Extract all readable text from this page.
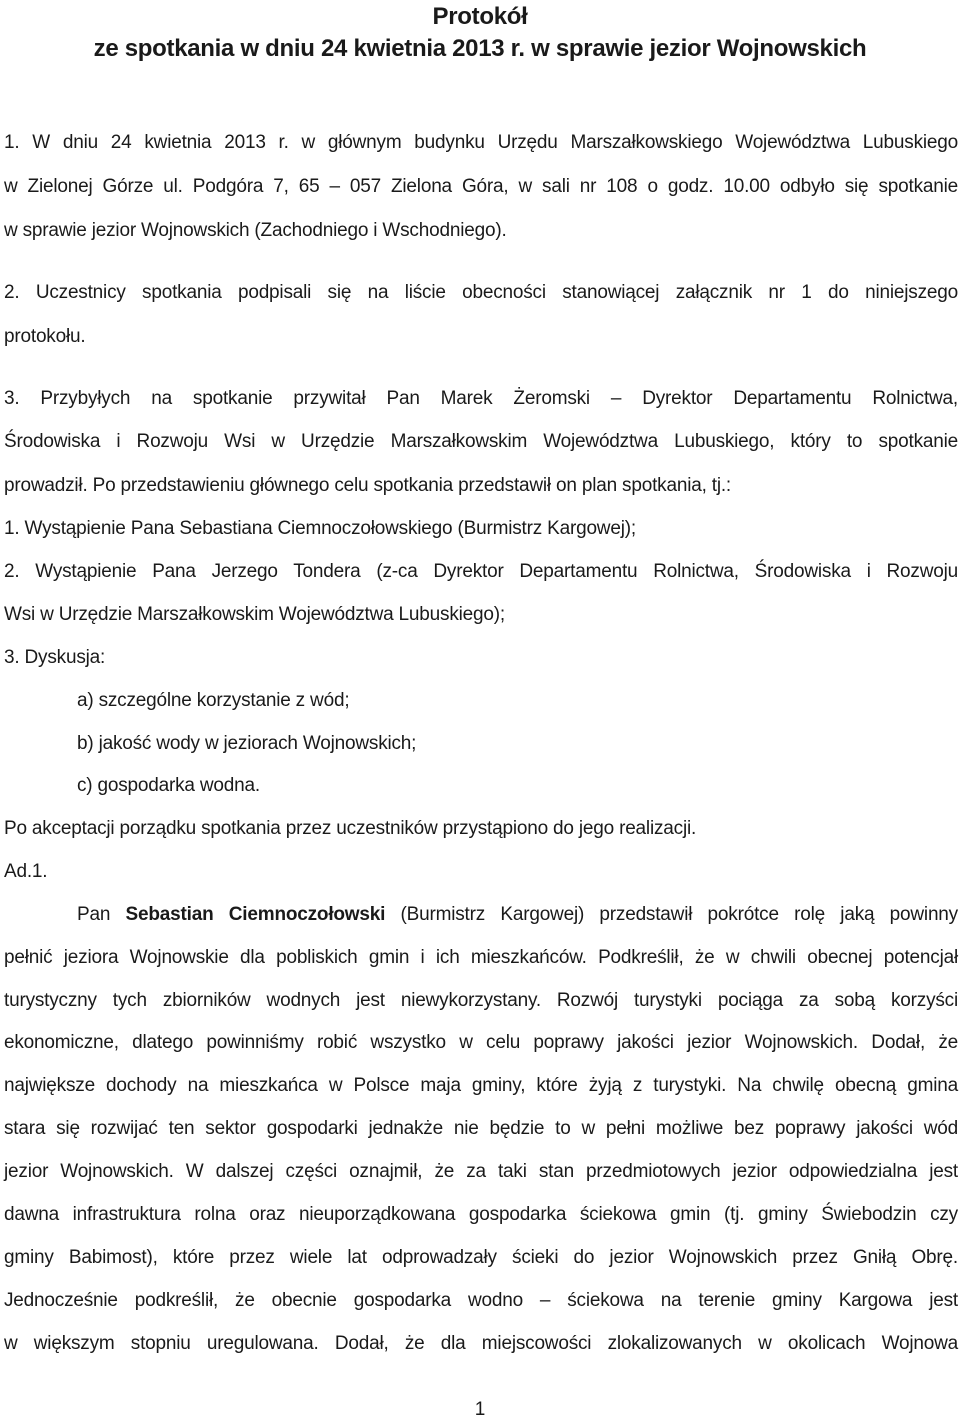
Protokół
ze spotkania w dniu 24 kwietnia 2013 r. w sprawie jezior Wojnowskich
1. W dniu 24 kwietnia 2013 r. w głównym budynku Urzędu Marszałkowskiego Województwa Lubuskiego
w Zielonej Górze ul. Podgóra 7, 65 – 057 Zielona Góra, w sali nr 108 o godz. 10.00 odbyło się spotkanie
w sprawie jezior Wojnowskich (Zachodniego i Wschodniego).
2. Uczestnicy spotkania podpisali się na liście obecności stanowiącej załącznik nr 1 do niniejszego
protokołu.
3. Przybyłych na spotkanie przywitał Pan Marek Żeromski – Dyrektor Departamentu Rolnictwa,
Środowiska i Rozwoju Wsi w Urzędzie Marszałkowskim Województwa Lubuskiego, który to spotkanie
prowadził. Po przedstawieniu głównego celu spotkania przedstawił on plan spotkania, tj.:
1. Wystąpienie Pana Sebastiana Ciemnoczołowskiego (Burmistrz Kargowej);
2. Wystąpienie Pana Jerzego Tondera (z-ca Dyrektor Departamentu Rolnictwa, Środowiska i Rozwoju
Wsi w Urzędzie Marszałkowskim Województwa Lubuskiego);
3. Dyskusja:
a) szczególne korzystanie z wód;
b) jakość wody w jeziorach Wojnowskich;
c) gospodarka wodna.
Po akceptacji porządku spotkania przez uczestników przystąpiono do jego realizacji.
Ad.1.
Pan Sebastian Ciemnoczołowski (Burmistrz Kargowej) przedstawił pokrótce rolę jaką powinny
pełnić jeziora Wojnowskie dla pobliskich gmin i ich mieszkańców. Podkreślił, że w chwili obecnej potencjał
turystyczny tych zbiorników wodnych jest niewykorzystany. Rozwój turystyki pociąga za sobą korzyści
ekonomiczne, dlatego powinniśmy robić wszystko w celu poprawy jakości jezior Wojnowskich. Dodał, że
największe dochody na mieszkańca w Polsce maja gminy, które żyją z turystyki. Na chwilę obecną gmina
stara się rozwijać ten sektor gospodarki jednakże nie będzie to w pełni możliwe bez poprawy jakości wód
jezior Wojnowskich. W dalszej części oznajmił, że za taki stan przedmiotowych jezior odpowiedzialna jest
dawna infrastruktura rolna oraz nieuporządkowana gospodarka ściekowa gmin (tj. gminy Świebodzin czy
gminy Babimost), które przez wiele lat odprowadzały ścieki do jezior Wojnowskich przez Gniłą Obrę.
Jednocześnie podkreślił, że obecnie gospodarka wodno – ściekowa na terenie gminy Kargowa jest
w większym stopniu uregulowana. Dodał, że dla miejscowości zlokalizowanych w okolicach Wojnowa
1
